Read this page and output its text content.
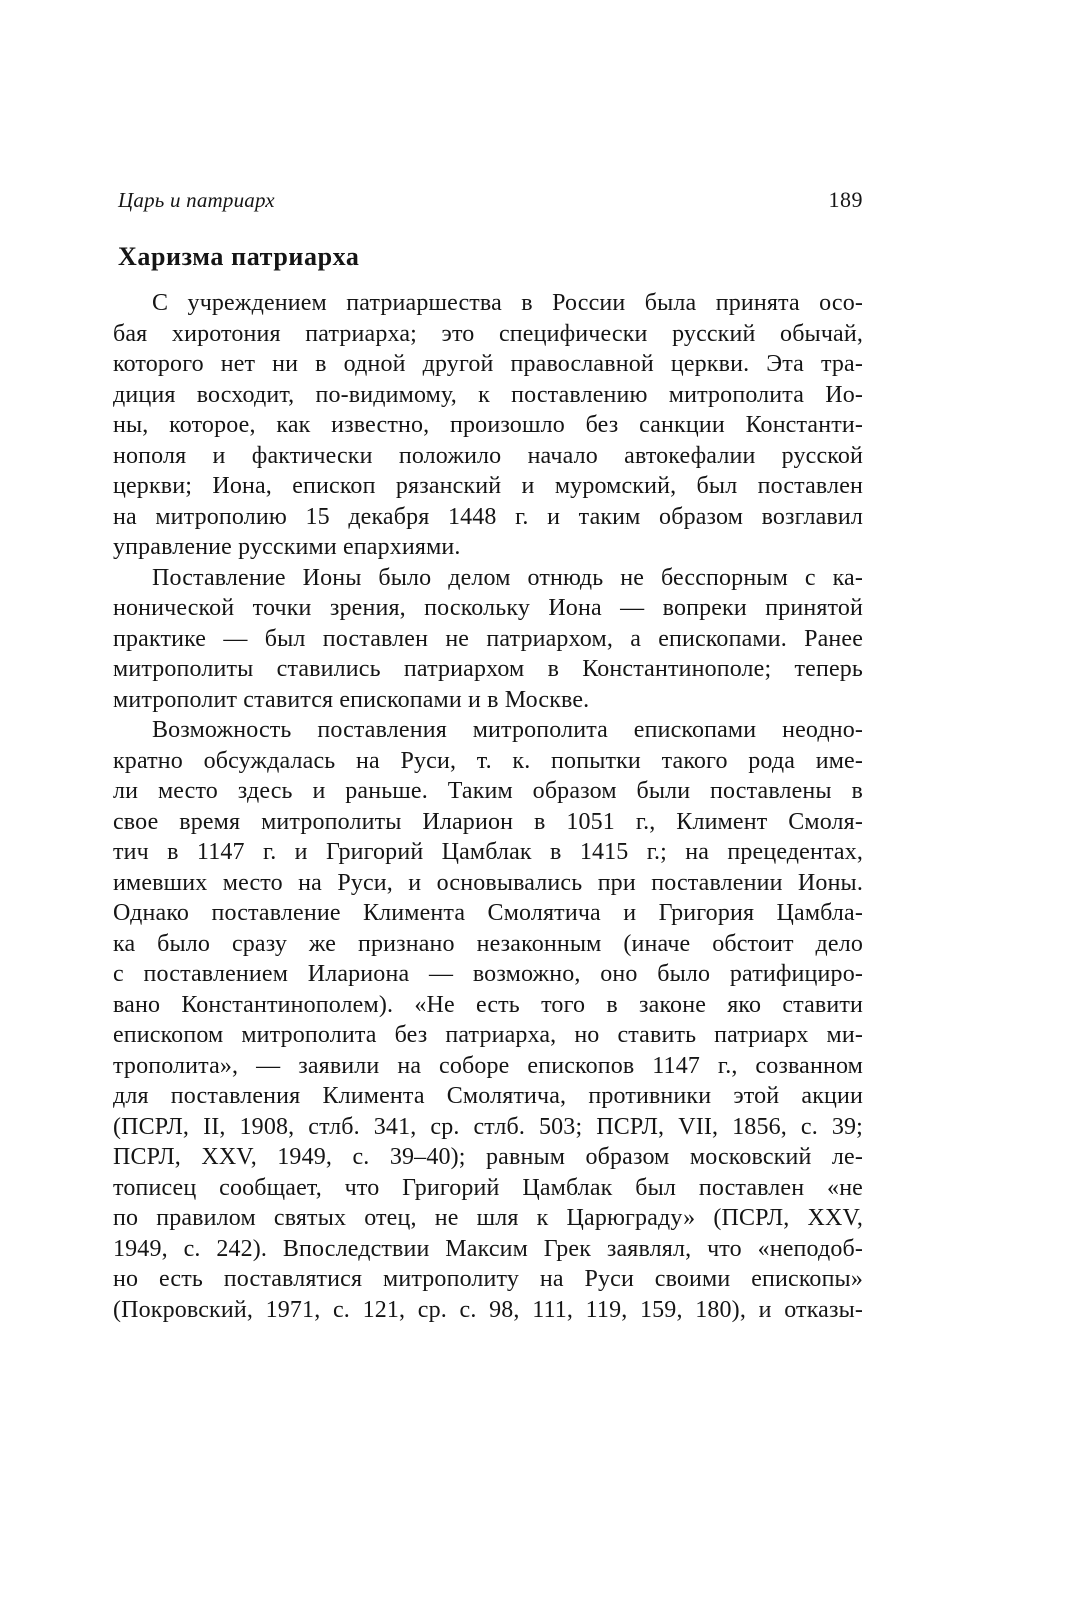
Царь и патриарх	189
Харизма патриарха
С учреждением патриаршества в России была принята осо-
бая хиротония патриарха; это специфически русский обычай,
которого нет ни в одной другой православной церкви. Эта тра-
диция восходит, по-видимому, к поставлению митрополита Ио-
ны, которое, как известно, произошло без санкции Константи-
нополя и фактически положило начало автокефалии русской
церкви; Иона, епископ рязанский и муромский, был поставлен
на митрополию 15 декабря 1448 г. и таким образом возглавил
управление русскими епархиями.
Поставление Ионы было делом отнюдь не бесспорным с ка-
нонической точки зрения, поскольку Иона — вопреки принятой
практике — был поставлен не патриархом, а епископами. Ранее
митрополиты ставились патриархом в Константинополе; теперь
митрополит ставится епископами и в Москве.
Возможность поставления митрополита епископами неодно-
кратно обсуждалась на Руси, т. к. попытки такого рода име-
ли место здесь и раньше. Таким образом были поставлены в
свое время митрополиты Иларион в 1051 г., Климент Смоля-
тич в 1147 г. и Григорий Цамблак в 1415 г.; на прецедентах,
имевших место на Руси, и основывались при поставлении Ионы.
Однако поставление Климента Смолятича и Григория Цамбла-
ка было сразу же признано незаконным (иначе обстоит дело
с поставлением Илариона — возможно, оно было ратифициро-
вано Константинополем). «Не есть того в законе яко ставити
епископом митрополита без патриарха, но ставить патриарх ми-
трополита», — заявили на соборе епископов 1147 г., созванном
для поставления Климента Смолятича, противники этой акции
(ПСРЛ, II, 1908, стлб. 341, ср. стлб. 503; ПСРЛ, VII, 1856, с. 39;
ПСРЛ, XXV, 1949, с. 39–40); равным образом московский ле-
тописец сообщает, что Григорий Цамблак был поставлен «не
по правилом святых отец, не шля к Царюграду» (ПСРЛ, XXV,
1949, с. 242). Впоследствии Максим Грек заявлял, что «неподоб-
но есть поставлятися митрополиту на Руси своими епископы»
(Покровский, 1971, с. 121, ср. с. 98, 111, 119, 159, 180), и отказы-
